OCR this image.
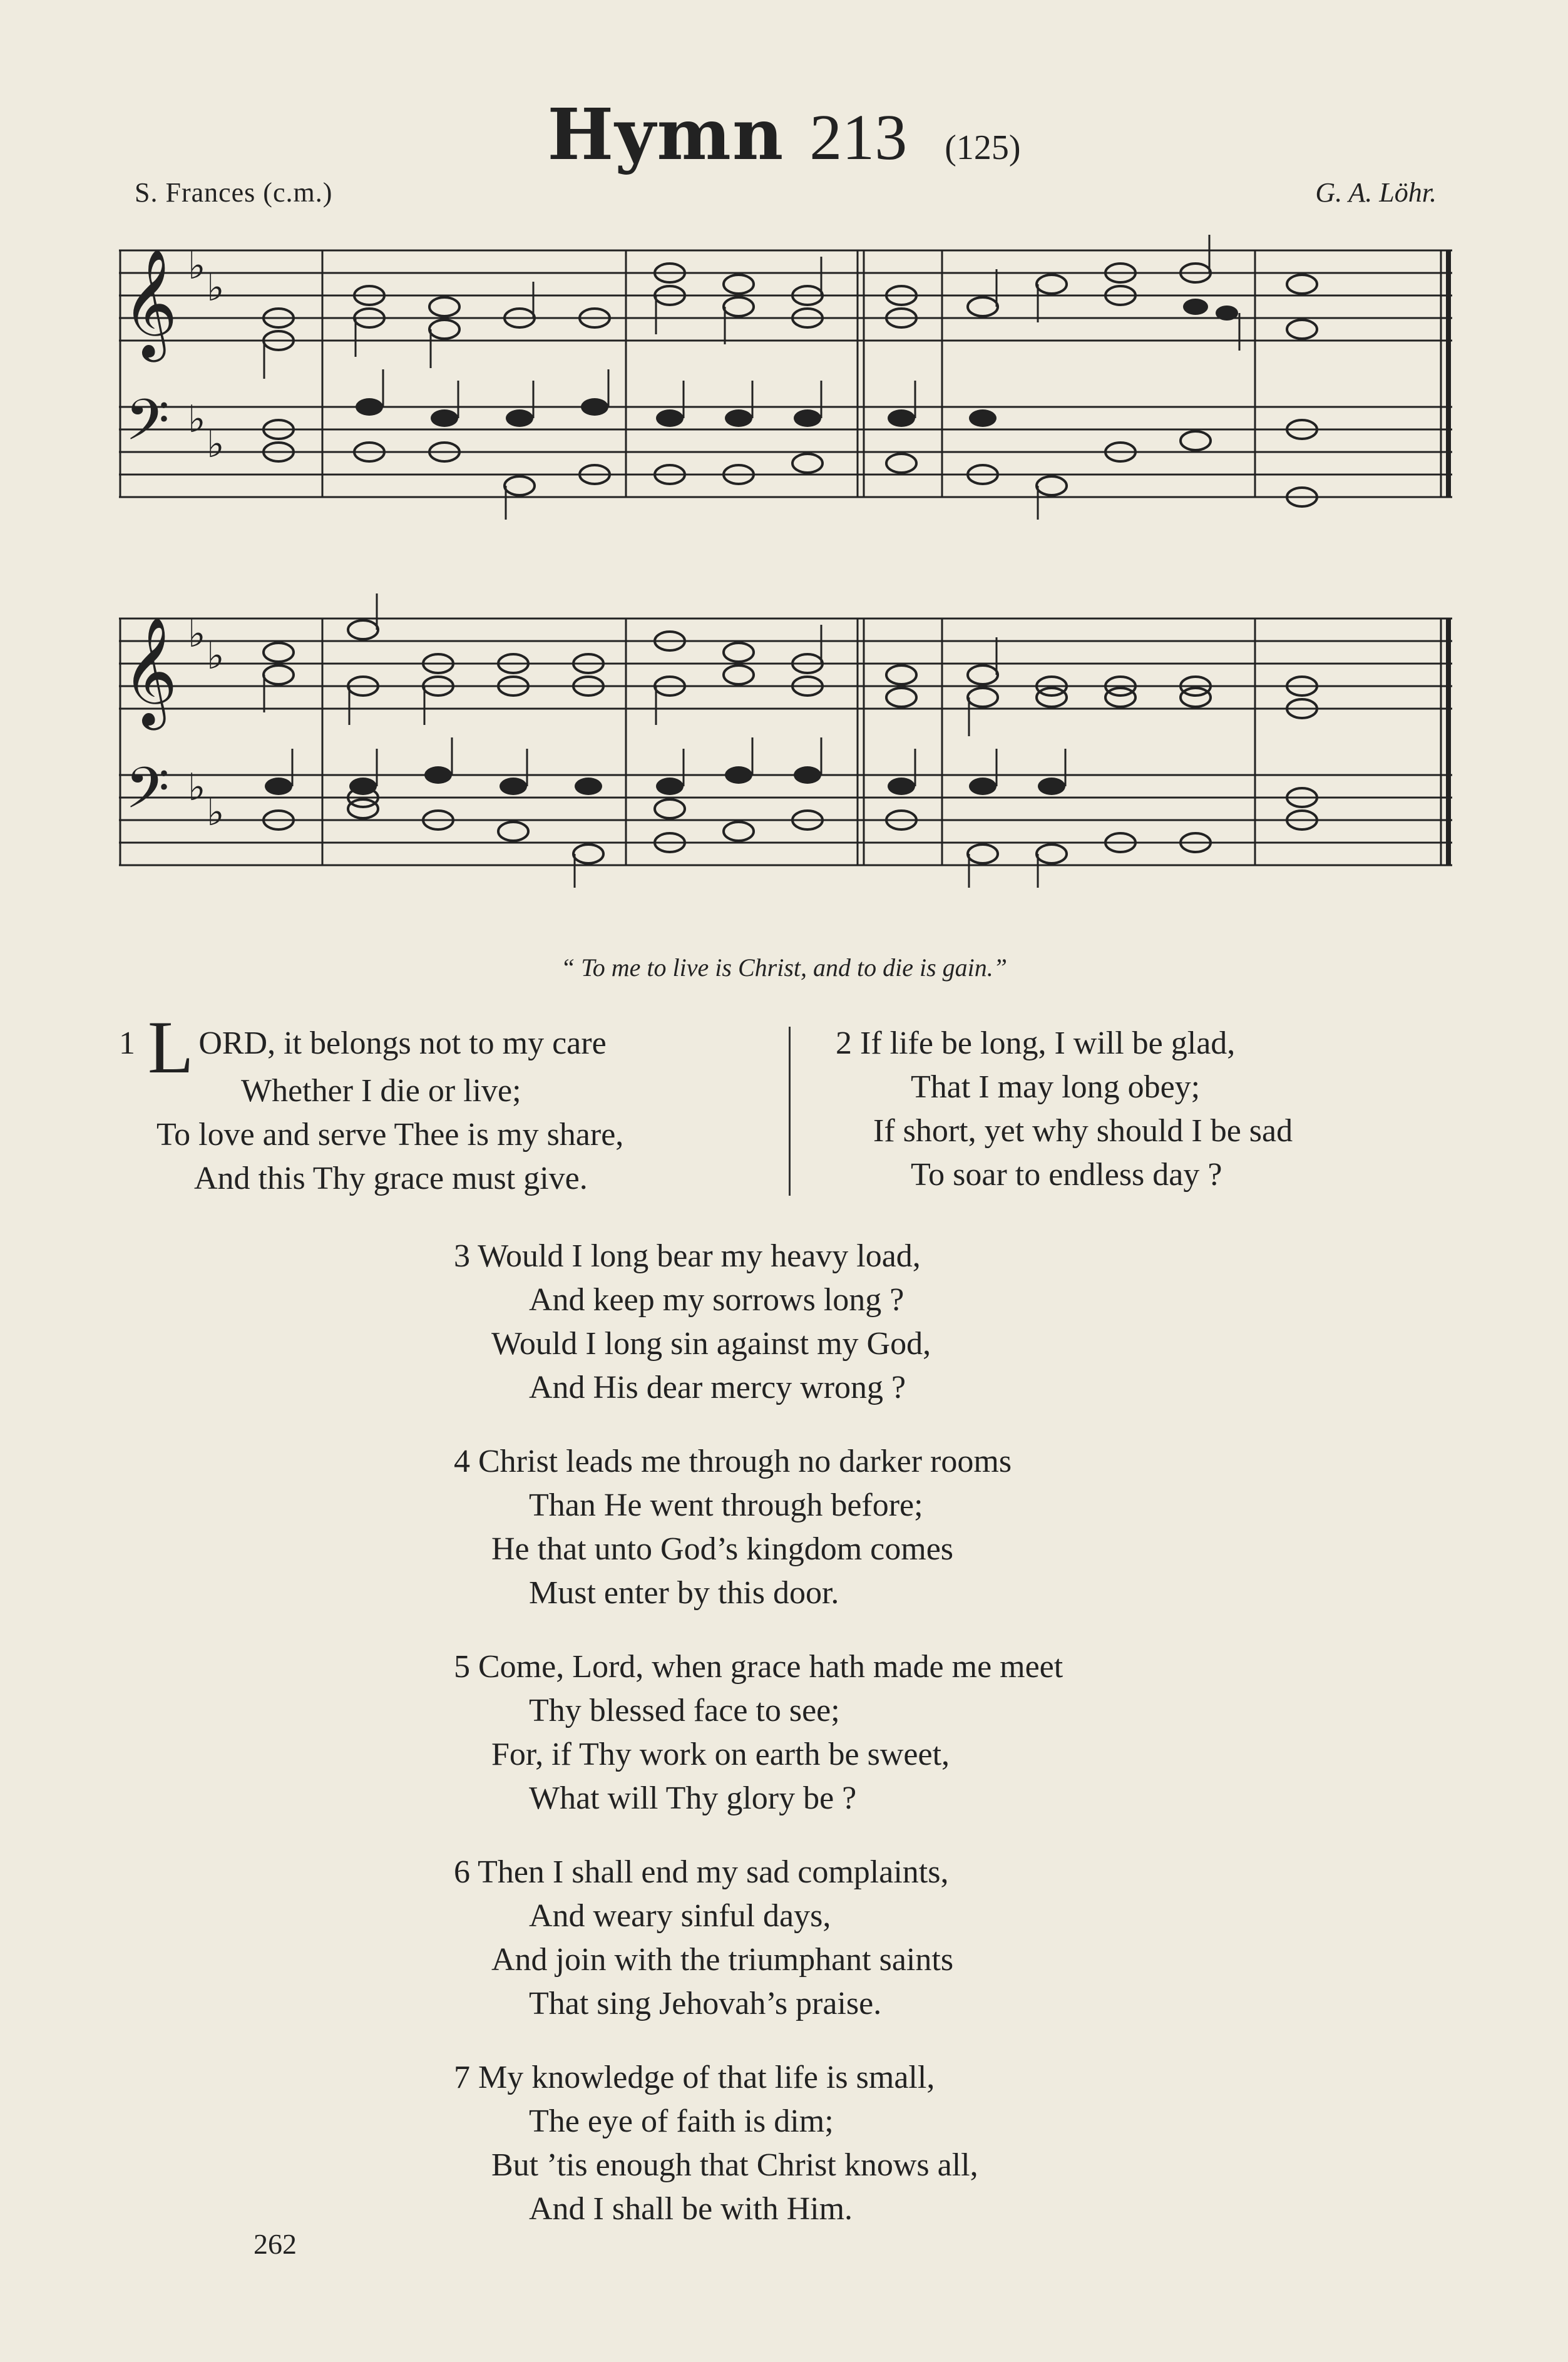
Hymn 213 (125)
S. Frances (c.m.)	G. A. Löhr.
𝄞
𝄢
♭ ♭
♭
♭
𝄞
𝄢
♭ ♭
♭
♭
“ To me to live is Christ, and to die is gain.”
1 L ORD, it belongs not to my care
Whether I die or live;
To love and serve Thee is my share,
And this Thy grace must give.
2 If life be long, I will be glad,
That I may long obey;
If short, yet why should I be sad
To soar to endless day ?
3 Would I long bear my heavy load,
And keep my sorrows long ?
Would I long sin against my God,
And His dear mercy wrong ?
4 Christ leads me through no darker rooms
Than He went through before;
He that unto God’s kingdom comes
Must enter by this door.
5 Come, Lord, when grace hath made me meet
Thy blessed face to see;
For, if Thy work on earth be sweet,
What will Thy glory be ?
6 Then I shall end my sad complaints,
And weary sinful days,
And join with the triumphant saints
That sing Jehovah’s praise.
7 My knowledge of that life is small,
The eye of faith is dim;
But ’tis enough that Christ knows all,
And I shall be with Him.
262
